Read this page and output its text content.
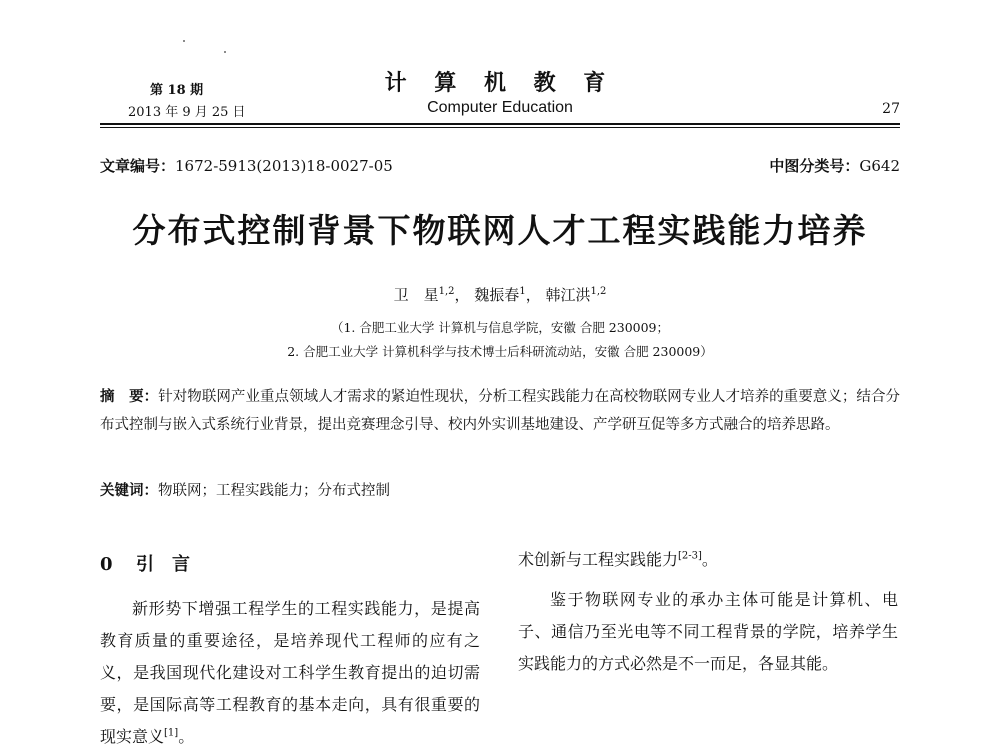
第 18 期
2013 年 9 月 25 日
计 算 机 教 育
Computer Education	27
文章编号：1672-5913(2013)18-0027-05	中图分类号：G642
分布式控制背景下物联网人才工程实践能力培养
卫　星$^{1,2}$， 魏振春$^1$， 韩江洪$^{1,2}$
（1. 合肥工业大学 计算机与信息学院，安徽 合肥 230009；
2. 合肥工业大学 计算机科学与技术博士后科研流动站，安徽 合肥 230009）

摘　要：针对物联网产业重点领域人才需求的紧迫性现状，分析工程实践能力在高校物联网专业人才培养的重要意义；结合分布式控制与嵌入式系统行业背景，提出竞赛理念引导、校内外实训基地建设、产学研互促等多方式融合的培养思路。

关键词：物联网；工程实践能力；分布式控制
0 引　言

新形势下增强工程学生的工程实践能力，是提高教育质量的重要途径，是培养现代工程师的应有之义，是我国现代化建设对工科学生教育提出的迫切需要，是国际高等工程教育的基本走向，具有很重要的现实意义[1]。

术创新与工程实践能力[2-3]。

鉴于物联网专业的承办主体可能是计算机、电子、通信乃至光电等不同工程背景的学院，培养学生实践能力的方式必然是不一而足，各显其能。
